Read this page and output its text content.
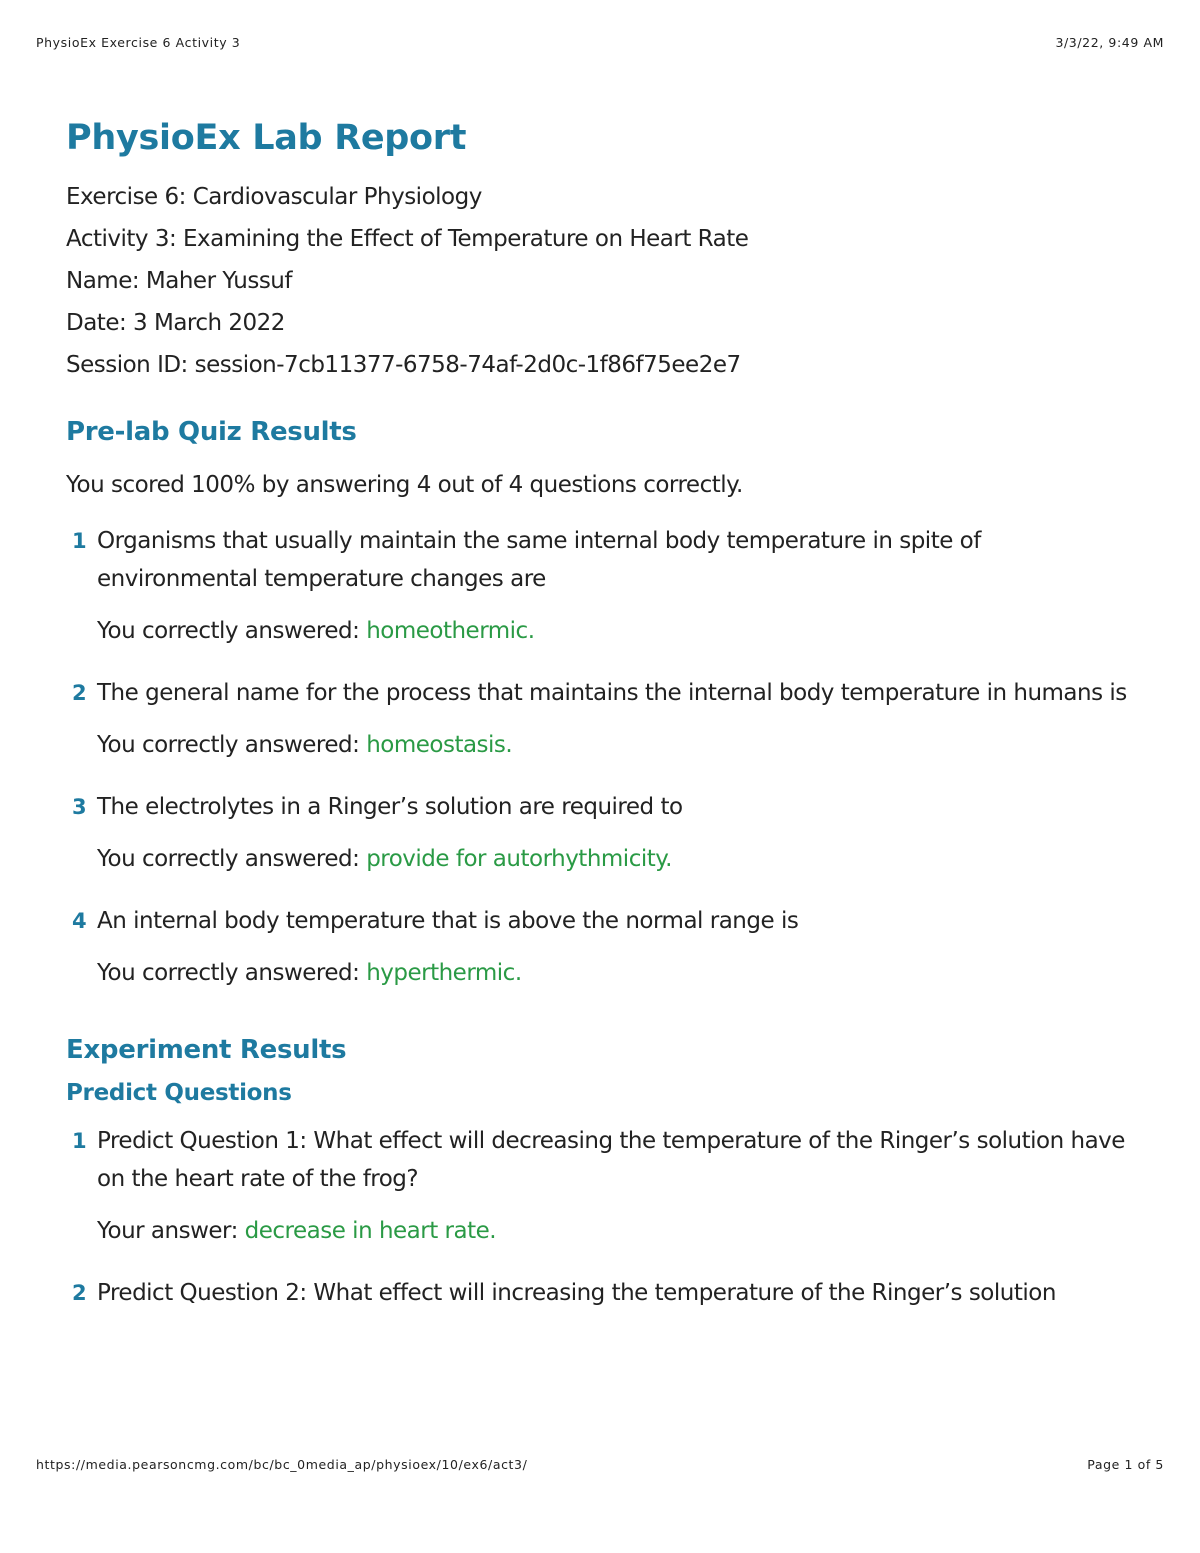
PhysioEx Exercise 6 Activity 3	3/3/22, 9:49 AM
PhysioEx Lab Report
Exercise 6: Cardiovascular Physiology
Activity 3: Examining the Effect of Temperature on Heart Rate
Name: Maher Yussuf
Date: 3 March 2022
Session ID: session-7cb11377-6758-74af-2d0c-1f86f75ee2e7
Pre-lab Quiz Results
You scored 100% by answering 4 out of 4 questions correctly.
1 Organisms that usually maintain the same internal body temperature in spite of environmental temperature changes are
You correctly answered: homeothermic.
2 The general name for the process that maintains the internal body temperature in humans is
You correctly answered: homeostasis.
3 The electrolytes in a Ringer’s solution are required to
You correctly answered: provide for autorhythmicity.
4 An internal body temperature that is above the normal range is
You correctly answered: hyperthermic.
Experiment Results
Predict Questions
1 Predict Question 1: What effect will decreasing the temperature of the Ringer’s solution have on the heart rate of the frog?
Your answer: decrease in heart rate.
2 Predict Question 2: What effect will increasing the temperature of the Ringer’s solution
https://media.pearsoncmg.com/bc/bc_0media_ap/physioex/10/ex6/act3/	Page 1 of 5
